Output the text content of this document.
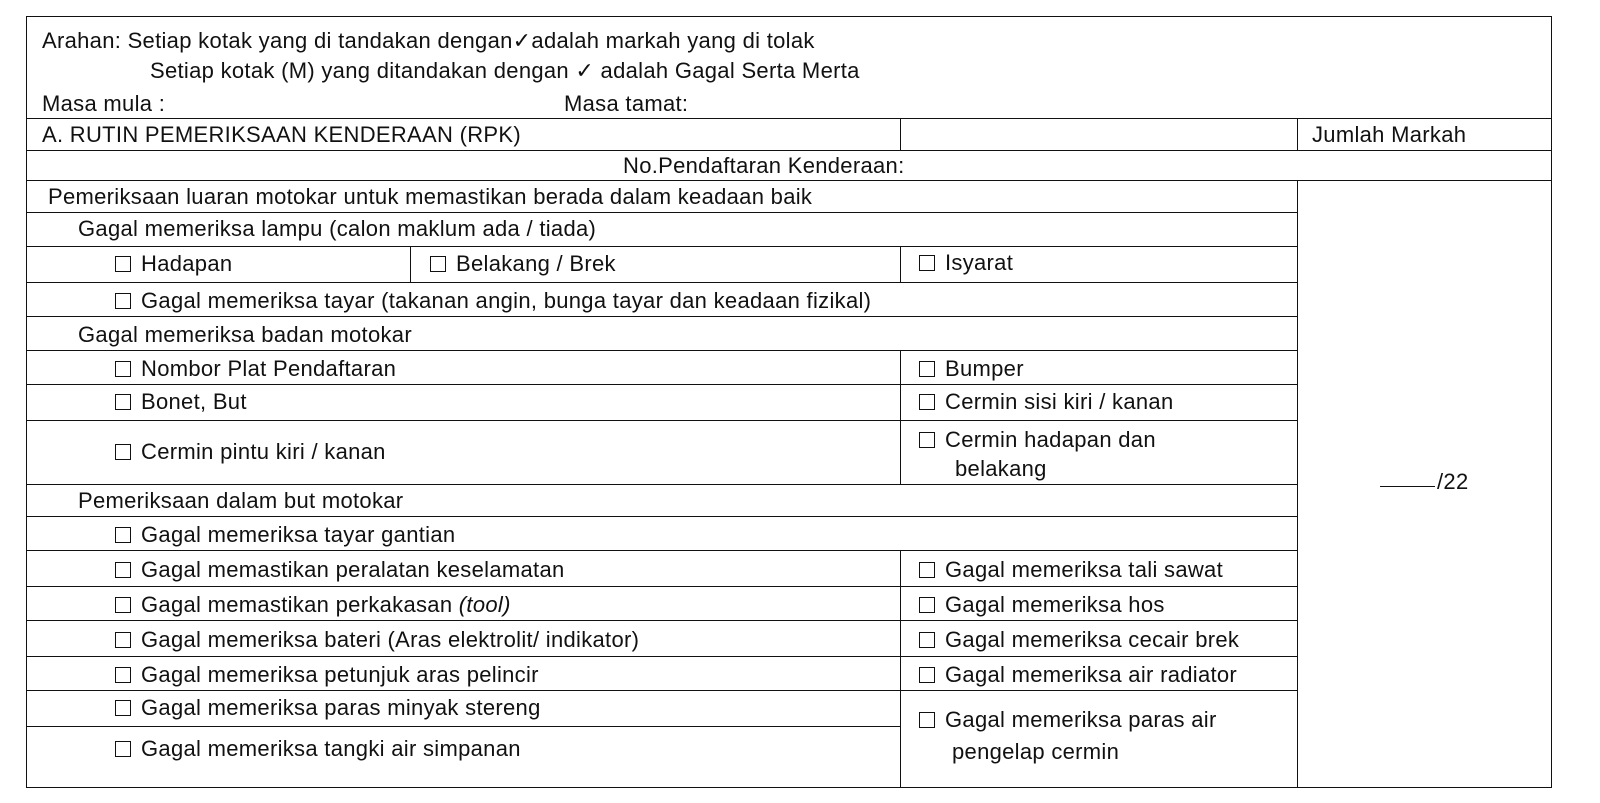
Arahan: Setiap kotak yang di tandakan dengan✓adalah markah yang di tolak
Setiap kotak (M) yang ditandakan dengan ✓ adalah Gagal Serta Merta
Masa mula :	Masa tamat:
A. RUTIN PEMERIKSAAN KENDERAAN (RPK)	Jumlah Markah
No.Pendaftaran Kenderaan:
/22
Pemeriksaan luaran motokar untuk memastikan berada dalam keadaan baik
Gagal memeriksa lampu (calon maklum ada / tiada)
Hadapan	Belakang / Brek	Isyarat
Gagal memeriksa tayar (takanan angin, bunga tayar dan keadaan fizikal)
Gagal memeriksa badan motokar
Nombor Plat Pendaftaran	Bumper
Bonet, But	Cermin sisi kiri / kanan
Cermin pintu kiri / kanan	Cermin hadapan dan
belakang
Pemeriksaan dalam but motokar
Gagal memeriksa tayar gantian
Gagal memastikan peralatan keselamatan	Gagal memeriksa tali sawat
Gagal memastikan perkakasan (tool)	Gagal memeriksa hos
Gagal memeriksa bateri (Aras elektrolit/ indikator)	Gagal memeriksa cecair brek
Gagal memeriksa petunjuk aras pelincir	Gagal memeriksa air radiator
Gagal memeriksa paras minyak stereng	Gagal memeriksa paras air
pengelap cermin
Gagal memeriksa tangki air simpanan
